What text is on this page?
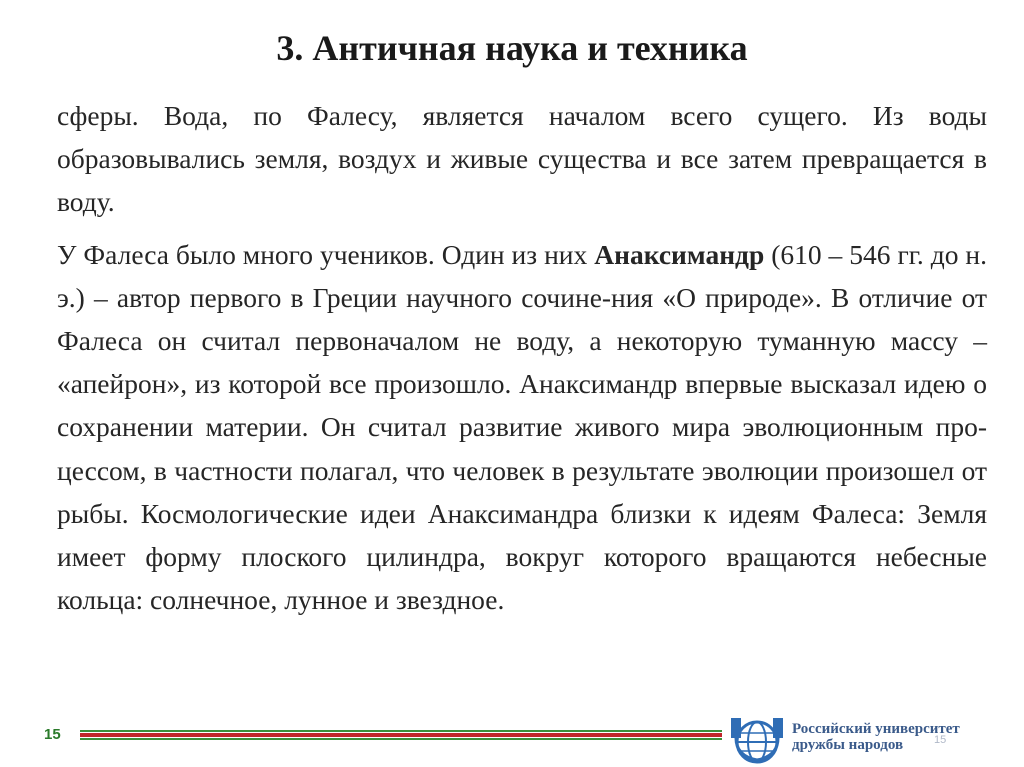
3. Античная наука и техника

сферы. Вода, по Фалесу, является началом всего сущего. Из воды образовывались земля, воздух и живые существа и все затем превращается в воду.

У Фалеса было много учеников. Один из них Анаксимандр (610 – 546 гг. до н. э.) – автор первого в Греции научного сочине-ния «О природе». В отличие от Фалеса он считал первоначалом не воду, а некоторую туманную массу – «апейрон», из которой все произошло. Анаксимандр впервые высказал идею о сохранении материи. Он считал развитие живого мира эволюционным про-цессом, в частности полагал, что человек в результате эволюции произошел от рыбы. Космологические идеи Анаксимандра близки к идеям Фалеса: Земля имеет форму плоского цилиндра, вокруг которого вращаются небесные кольца: солнечное, лунное и звездное.

15	Российский университет
дружбы народов	15
